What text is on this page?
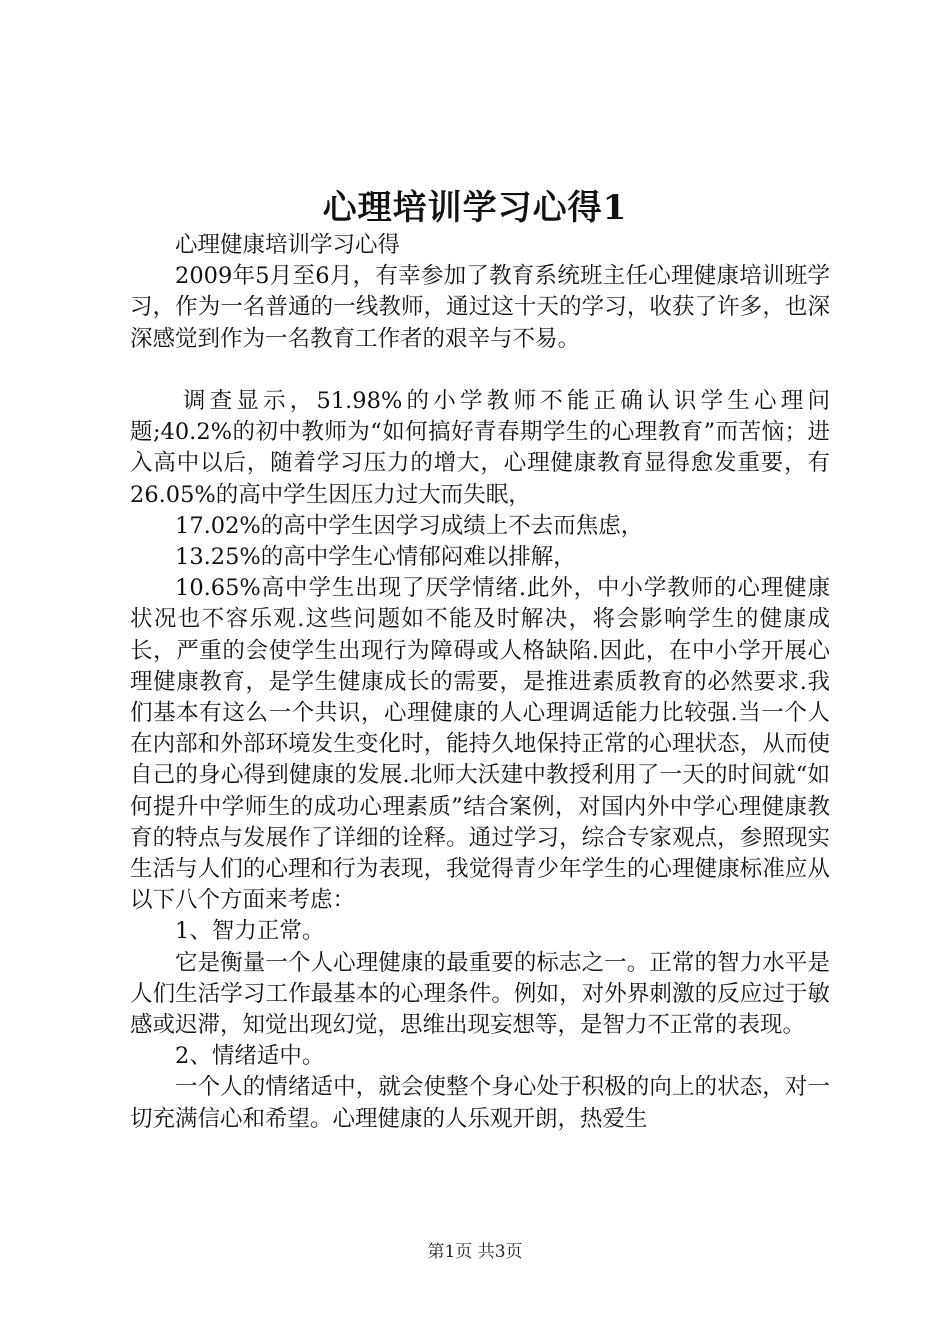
心理培训学习心得1

心理健康培训学习心得

2009年5月至6月，有幸参加了教育系统班主任心理健康培训班学习，作为一名普通的一线教师，通过这十天的学习，收获了许多，也深深感觉到作为一名教育工作者的艰辛与不易。

调查显示，51.98%的小学教师不能正确认识学生心理问题;40.2%的初中教师为“如何搞好青春期学生的心理教育”而苦恼；进入高中以后，随着学习压力的增大，心理健康教育显得愈发重要，有26.05%的高中学生因压力过大而失眠，

17.02%的高中学生因学习成绩上不去而焦虑，

13.25%的高中学生心情郁闷难以排解，

10.65%高中学生出现了厌学情绪.此外，中小学教师的心理健康状况也不容乐观.这些问题如不能及时解决，将会影响学生的健康成长，严重的会使学生出现行为障碍或人格缺陷.因此，在中小学开展心理健康教育，是学生健康成长的需要，是推进素质教育的必然要求.我们基本有这么一个共识，心理健康的人心理调适能力比较强.当一个人在内部和外部环境发生变化时，能持久地保持正常的心理状态，从而使自己的身心得到健康的发展.北师大沃建中教授利用了一天的时间就“如何提升中学师生的成功心理素质”结合案例，对国内外中学心理健康教育的特点与发展作了详细的诠释。通过学习，综合专家观点，参照现实生活与人们的心理和行为表现，我觉得青少年学生的心理健康标准应从以下八个方面来考虑：

1、智力正常。

它是衡量一个人心理健康的最重要的标志之一。正常的智力水平是人们生活学习工作最基本的心理条件。例如，对外界刺激的反应过于敏感或迟滞，知觉出现幻觉，思维出现妄想等，是智力不正常的表现。

2、情绪适中。

一个人的情绪适中，就会使整个身心处于积极的向上的状态，对一切充满信心和希望。心理健康的人乐观开朗，热爱生

第1页 共3页
